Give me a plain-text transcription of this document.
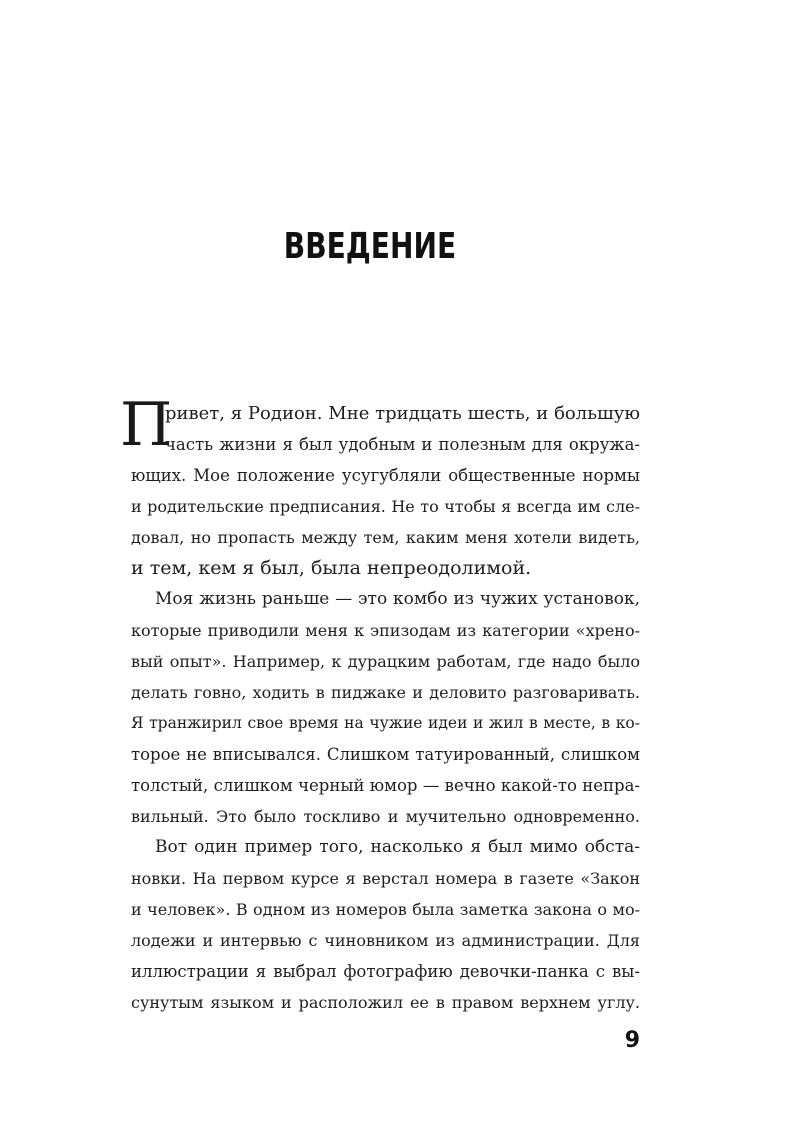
ВВЕДЕНИЕ
П

ривет, я Родион. Мне тридцать шесть, и большую

часть жизни я был удобным и полезным для окружа-

ющих. Мое положение усугубляли общественные нормы

и родительские предписания. Не то чтобы я всегда им сле-

довал, но пропасть между тем, каким меня хотели видеть,

и тем, кем я был, была непреодолимой.

Моя жизнь раньше — это комбо из чужих установок,

которые приводили меня к эпизодам из категории «хрено-

вый опыт». Например, к дурацким работам, где надо было

делать говно, ходить в пиджаке и деловито разговаривать.

Я транжирил свое время на чужие идеи и жил в месте, в ко-

торое не вписывался. Слишком татуированный, слишком

толстый, слишком черный юмор — вечно какой-то непра-

вильный. Это было тоскливо и мучительно одновременно.

Вот один пример того, насколько я был мимо обста-

новки. На первом курсе я верстал номера в газете «Закон

и человек». В одном из номеров была заметка закона о мо-

лодежи и интервью с чиновником из администрации. Для

иллюстрации я выбрал фотографию девочки-панка с вы-

сунутым языком и расположил ее в правом верхнем углу.

9
